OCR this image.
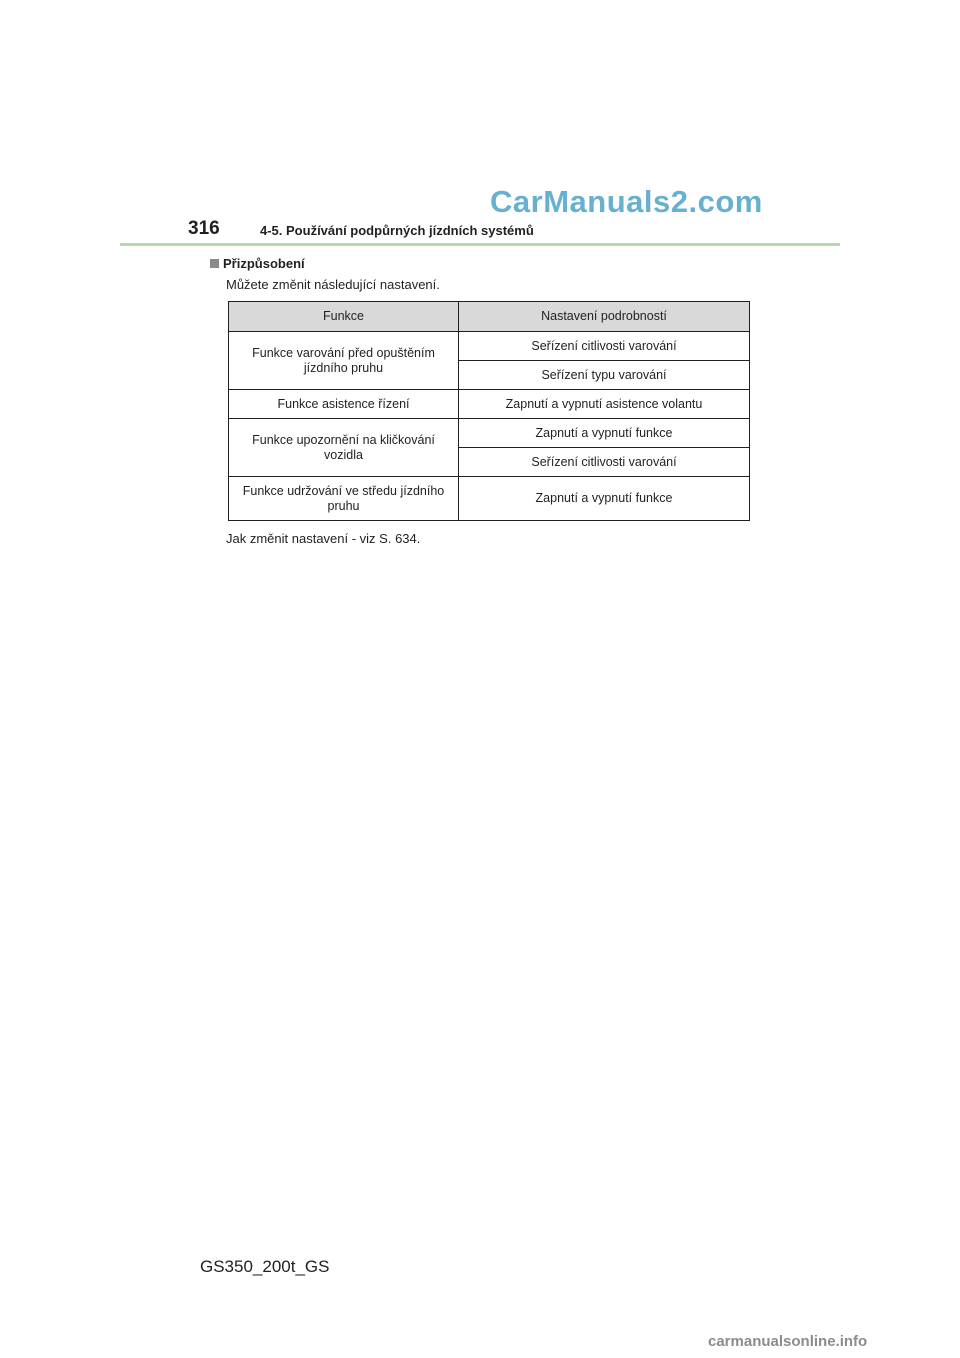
CarManuals2.com
316	4-5. Používání podpůrných jízdních systémů
Přizpůsobení
Můžete změnit následující nastavení.
Funkce	Nastavení podrobností
Funkce varování před opuštěním jízdního pruhu	Seřízení citlivosti varování
	Seřízení typu varování
Funkce asistence řízení	Zapnutí a vypnutí asistence volantu
Funkce upozornění na kličkování vozidla	Zapnutí a vypnutí funkce
	Seřízení citlivosti varování
Funkce udržování ve středu jízdního pruhu	Zapnutí a vypnutí funkce
Jak změnit nastavení - viz S. 634.
GS350_200t_GS
carmanualsonline.info
